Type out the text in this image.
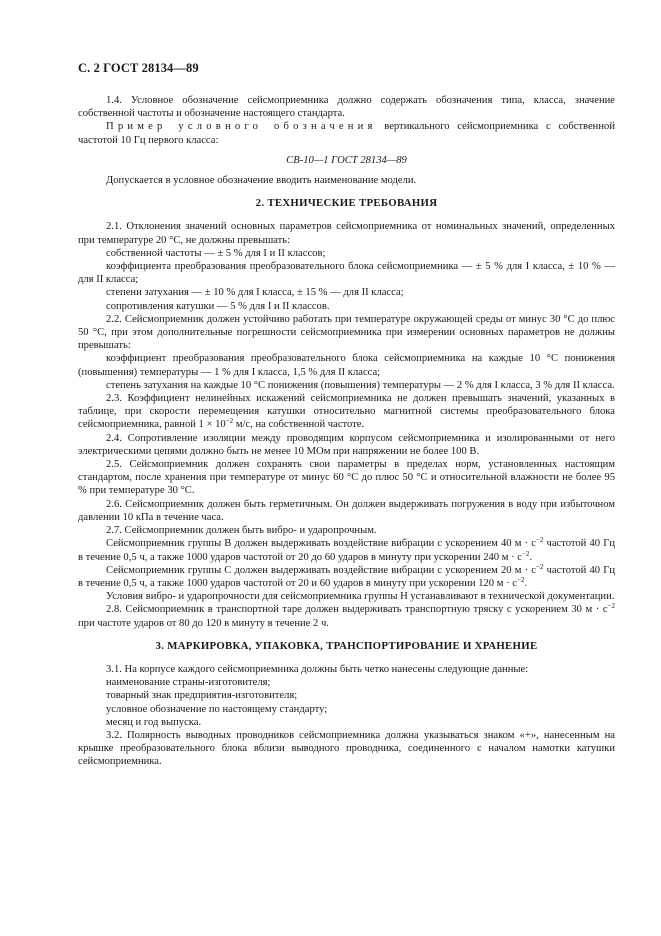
С. 2 ГОСТ 28134—89

1.4. Условное обозначение сейсмоприемника должно содержать обозначения типа, класса, значение собственной частоты и обозначение настоящего стандарта.

Пример условного обозначения вертикального сейсмоприемника с собственной частотой 10 Гц первого класса:

СВ-10—1 ГОСТ 28134—89

Допускается в условное обозначение вводить наименование модели.

2. ТЕХНИЧЕСКИЕ ТРЕБОВАНИЯ

2.1. Отклонения значений основных параметров сейсмоприемника от номинальных значений, определенных при температуре 20 °С, не должны превышать:

собственной частоты — ± 5 % для I и II классов;

коэффициента преобразования преобразовательного блока сейсмоприемника — ± 5 % для I класса, ± 10 % — для II класса;

степени затухания — ± 10 % для I класса, ± 15 % — для II класса;

сопротивления катушки — 5 % для I и II классов.

2.2. Сейсмоприемник должен устойчиво работать при температуре окружающей среды от минус 30 °С до плюс 50 °С, при этом дополнительные погрешности сейсмоприемника при измерении основных параметров не должны превышать:

коэффициент преобразования преобразовательного блока сейсмоприемника на каждые 10 °С понижения (повышения) температуры — 1 % для I класса, 1,5 % для II класса;

степень затухания на каждые 10 °С понижения (повышения) температуры — 2 % для I класса, 3 % для II класса.

2.3. Коэффициент нелинейных искажений сейсмоприемника не должен превышать значений, указанных в таблице, при скорости перемещения катушки относительно магнитной системы преобразовательного блока сейсмоприемника, равной $1 \times 10^{-2}$ м/с, на собственной частоте.

2.4. Сопротивление изоляции между проводящим корпусом сейсмоприемника и изолированными от него электрическими цепями должно быть не менее 10 МОм при напряжении не более 100 В.

2.5. Сейсмоприемник должен сохранять свои параметры в пределах норм, установленных настоящим стандартом, после хранения при температуре от минус 60 °С до плюс 50 °С и относительной влажности не более 95 % при температуре 30 °С.

2.6. Сейсмоприемник должен быть герметичным. Он должен выдерживать погружения в воду при избыточном давлении 10 кПа в течение часа.

2.7. Сейсмоприемник должен быть вибро- и ударопрочным.

Сейсмоприемник группы В должен выдерживать воздействие вибрации с ускорением 40 $м \cdot с^{-2}$ частотой 40 Гц в течение 0,5 ч, а также 1000 ударов частотой от 20 до 60 ударов в минуту при ускорении 240 $м \cdot с^{-2}$.

Сейсмоприемник группы С должен выдерживать воздействие вибрации с ускорением 20 $м \cdot с^{-2}$ частотой 40 Гц в течение 0,5 ч, а также 1000 ударов частотой от 20 и 60 ударов в минуту при ускорении 120 $м \cdot с^{-2}$.

Условия вибро- и ударопрочности для сейсмоприемника группы Н устанавливают в технической документации.

2.8. Сейсмоприемник в транспортной таре должен выдерживать транспортную тряску с ускорением 30 $м \cdot с^{-2}$ при частоте ударов от 80 до 120 в минуту в течение 2 ч.

3. МАРКИРОВКА, УПАКОВКА, ТРАНСПОРТИРОВАНИЕ И ХРАНЕНИЕ

3.1. На корпусе каждого сейсмоприемника должны быть четко нанесены следующие данные:

наименование страны-изготовителя;

товарный знак предприятия-изготовителя;

условное обозначение по настоящему стандарту;

месяц и год выпуска.

3.2. Полярность выводных проводников сейсмоприемника должна указываться знаком «+», нанесенным на крышке преобразовательного блока вблизи выводного проводника, соединенного с началом намотки катушки сейсмоприемника.
